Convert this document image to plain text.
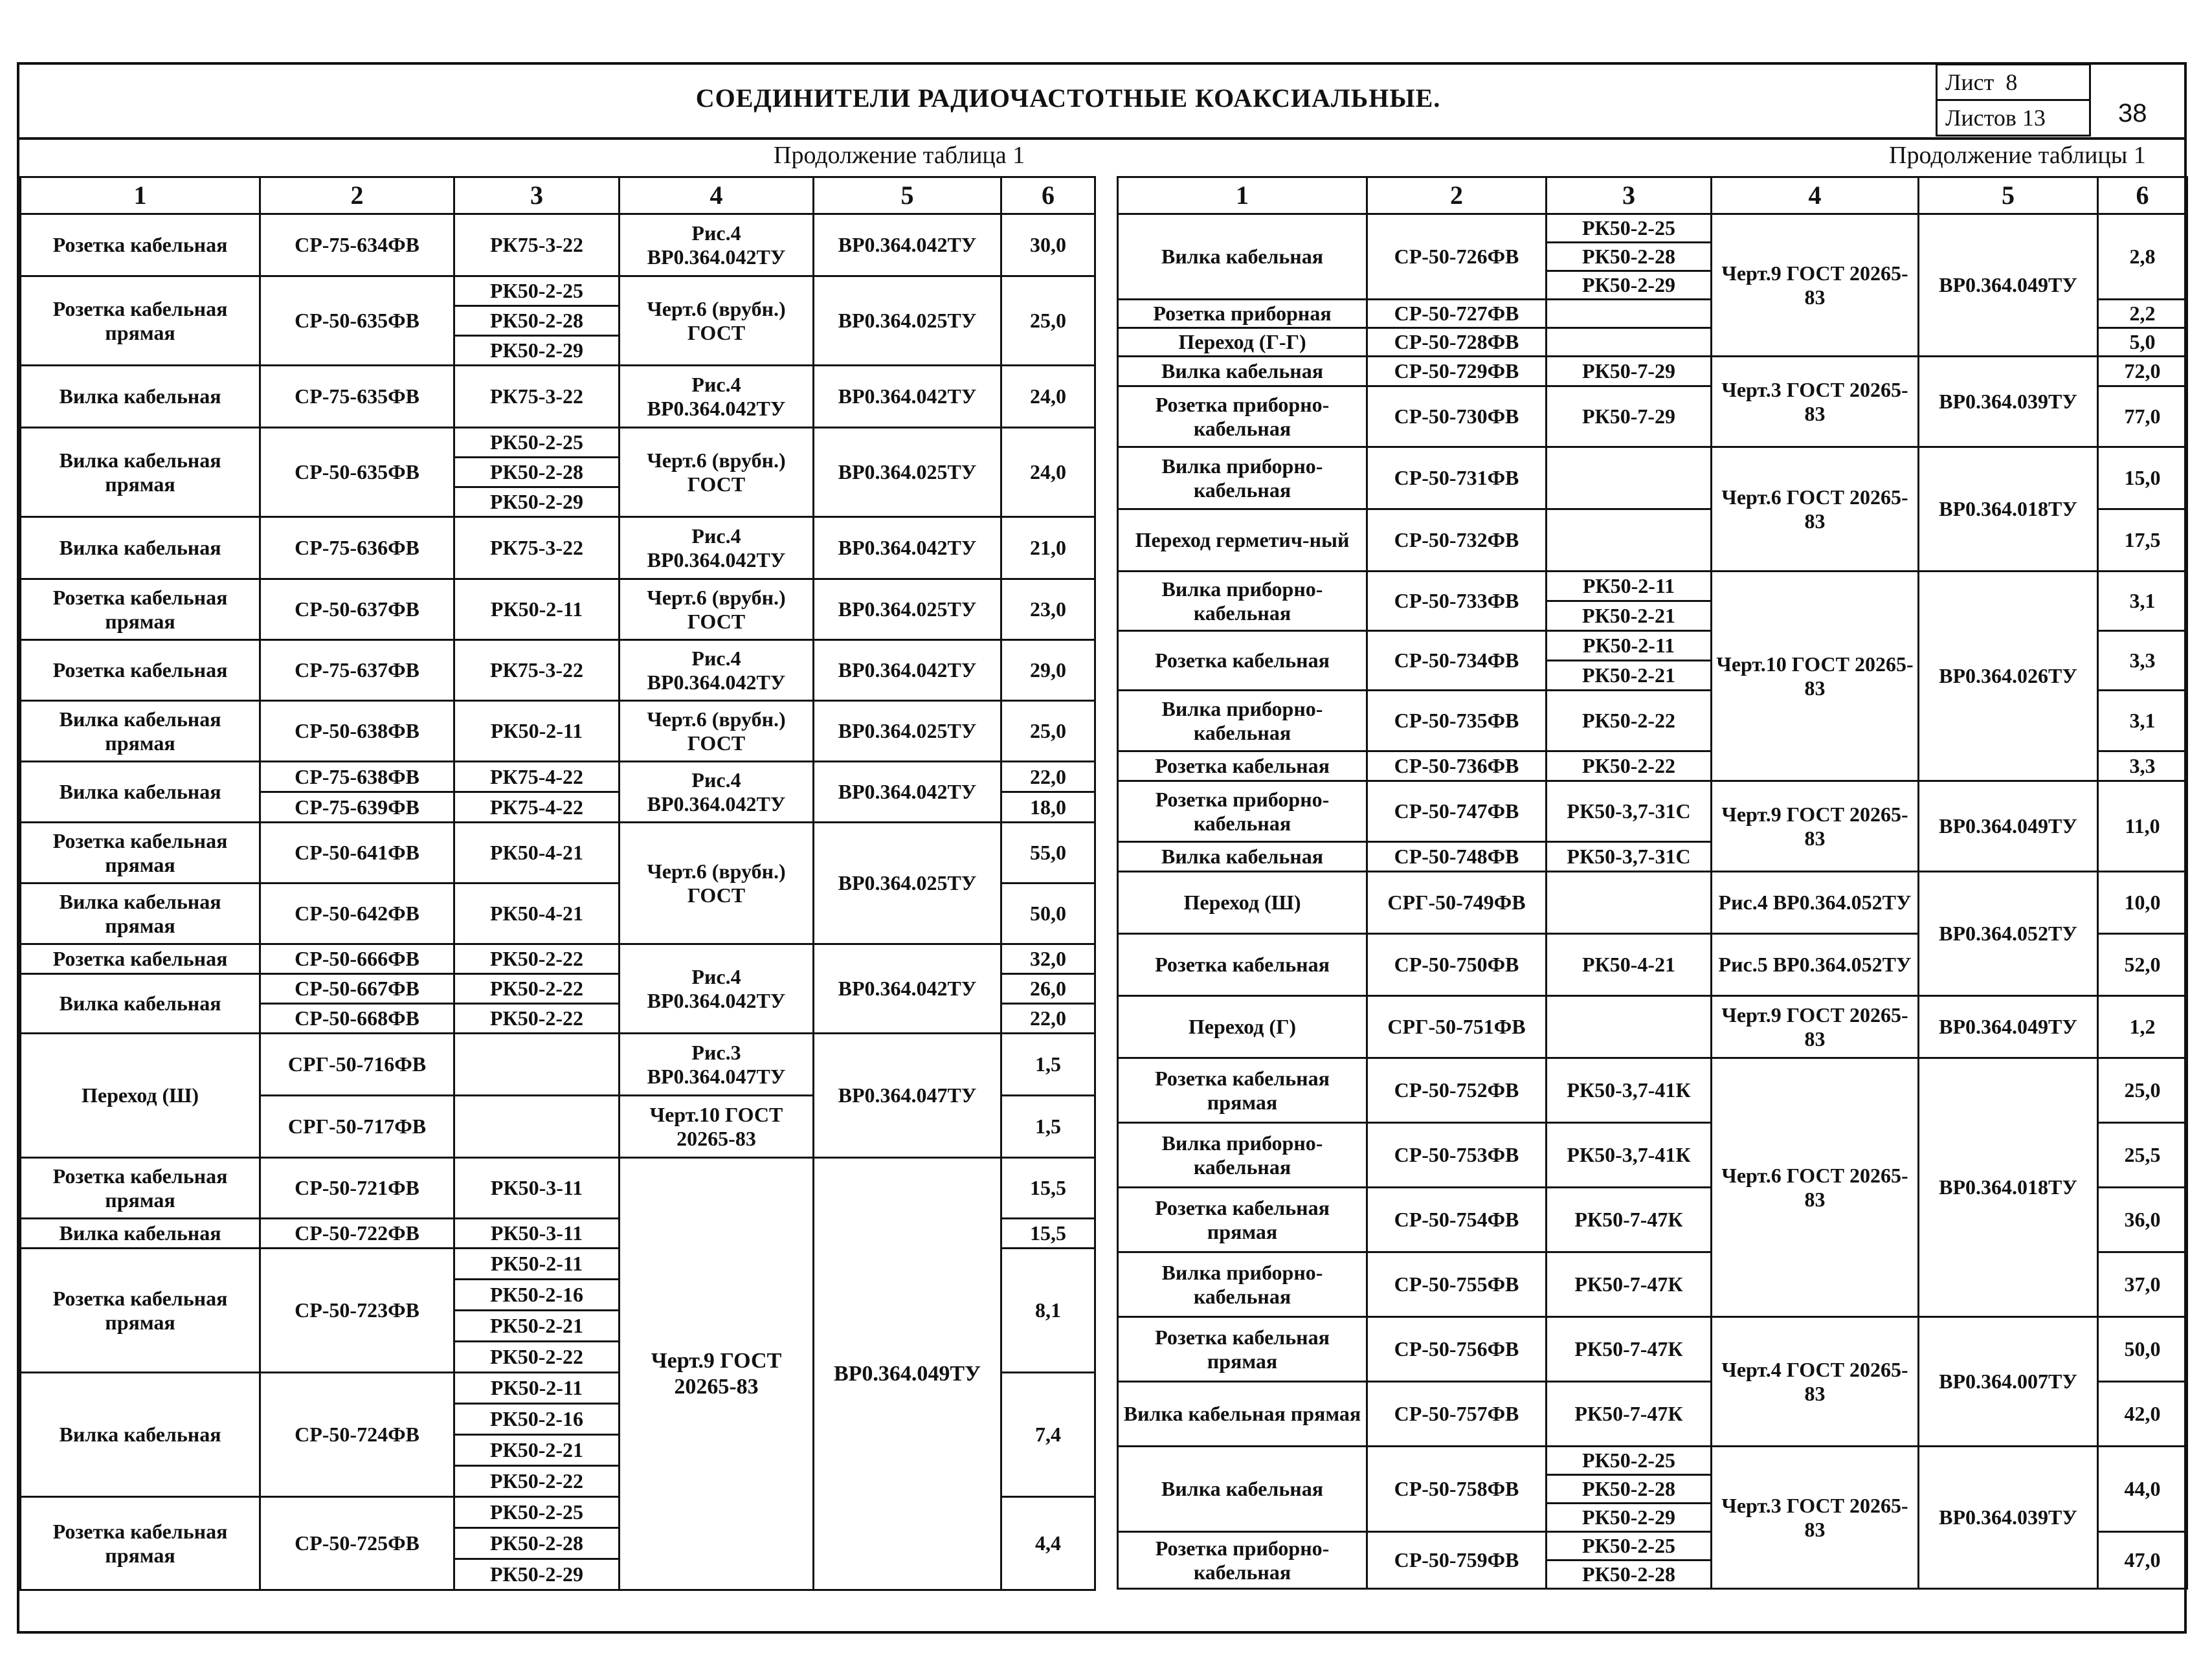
СОЕДИНИТЕЛИ РАДИОЧАСТОТНЫЕ КОАКСИАЛЬНЫЕ.
Лист
8
Листов
13	38
Продолжение таблица 1	Продолжение таблицы 1
1	2	3	4	5	6
Розетка кабельная	СР-75-634ФВ	РК75-3-22	Рис.4 ВР0.364.042ТУ	ВР0.364.042ТУ	30,0
Розетка кабельная прямая	СР-50-635ФВ	РК50-2-25	Черт.6 (врубн.) ГОСТ	ВР0.364.025ТУ	25,0
		РК50-2-28			
		РК50-2-29			
Вилка кабельная	СР-75-635ФВ	РК75-3-22	Рис.4 ВР0.364.042ТУ	ВР0.364.042ТУ	24,0
Вилка кабельная прямая	СР-50-635ФВ	РК50-2-25	Черт.6 (врубн.) ГОСТ	ВР0.364.025ТУ	24,0
		РК50-2-28			
		РК50-2-29			
Вилка кабельная	СР-75-636ФВ	РК75-3-22	Рис.4 ВР0.364.042ТУ	ВР0.364.042ТУ	21,0
Розетка кабельная прямая	СР-50-637ФВ	РК50-2-11	Черт.6 (врубн.) ГОСТ	ВР0.364.025ТУ	23,0
Розетка кабельная	СР-75-637ФВ	РК75-3-22	Рис.4 ВР0.364.042ТУ	ВР0.364.042ТУ	29,0
Вилка кабельная прямая	СР-50-638ФВ	РК50-2-11	Черт.6 (врубн.) ГОСТ	ВР0.364.025ТУ	25,0
Вилка кабельная	СР-75-638ФВ	РК75-4-22	Рис.4 ВР0.364.042ТУ	ВР0.364.042ТУ	22,0
	СР-75-639ФВ	РК75-4-22			18,0
Розетка кабельная прямая	СР-50-641ФВ	РК50-4-21	Черт.6 (врубн.) ГОСТ	ВР0.364.025ТУ	55,0
Вилка кабельная прямая	СР-50-642ФВ	РК50-4-21			50,0
Розетка кабельная	СР-50-666ФВ	РК50-2-22	Рис.4 ВР0.364.042ТУ	ВР0.364.042ТУ	32,0
Вилка кабельная	СР-50-667ФВ	РК50-2-22			26,0
	СР-50-668ФВ	РК50-2-22			22,0
Переход (Ш)	СРГ-50-716ФВ		Рис.3 ВР0.364.047ТУ	ВР0.364.047ТУ	1,5
	СРГ-50-717ФВ		Черт.10 ГОСТ 20265-83		1,5
Розетка кабельная прямая	СР-50-721ФВ	РК50-3-11	Черт.9 ГОСТ 20265-83	ВР0.364.049ТУ	15,5
Вилка кабельная	СР-50-722ФВ	РК50-3-11			15,5
Розетка кабельная прямая	СР-50-723ФВ	РК50-2-11			8,1
		РК50-2-16			
		РК50-2-21			
		РК50-2-22			
Вилка кабельная	СР-50-724ФВ	РК50-2-11			7,4
		РК50-2-16			
		РК50-2-21			
		РК50-2-22			
Розетка кабельная прямая	СР-50-725ФВ	РК50-2-25			4,4
		РК50-2-28			
		РК50-2-29			
1	2	3	4	5	6
Вилка кабельная	СР-50-726ФВ	РК50-2-25	Черт.9 ГОСТ 20265-83	ВР0.364.049ТУ	2,8
		РК50-2-28			
		РК50-2-29			
Розетка приборная	СР-50-727ФВ				2,2
Переход (Г-Г)	СР-50-728ФВ				5,0
Вилка кабельная	СР-50-729ФВ	РК50-7-29	Черт.3 ГОСТ 20265-83	ВР0.364.039ТУ	72,0
Розетка приборно-кабельная	СР-50-730ФВ	РК50-7-29			77,0
Вилка приборно-кабельная	СР-50-731ФВ		Черт.6 ГОСТ 20265-83	ВР0.364.018ТУ	15,0
Переход герметич-ный	СР-50-732ФВ				17,5
Вилка приборно-кабельная	СР-50-733ФВ	РК50-2-11	Черт.10 ГОСТ 20265-83	ВР0.364.026ТУ	3,1
		РК50-2-21			
Розетка кабельная	СР-50-734ФВ	РК50-2-11			3,3
		РК50-2-21			
Вилка приборно-кабельная	СР-50-735ФВ	РК50-2-22			3,1
Розетка кабельная	СР-50-736ФВ	РК50-2-22			3,3
Розетка приборно-кабельная	СР-50-747ФВ	РК50-3,7-31С	Черт.9 ГОСТ 20265-83	ВР0.364.049ТУ	11,0
Вилка кабельная	СР-50-748ФВ	РК50-3,7-31С			
Переход (Ш)	СРГ-50-749ФВ		Рис.4 ВР0.364.052ТУ	ВР0.364.052ТУ	10,0
Розетка кабельная	СР-50-750ФВ	РК50-4-21	Рис.5 ВР0.364.052ТУ		52,0
Переход (Г)	СРГ-50-751ФВ		Черт.9 ГОСТ 20265-83	ВР0.364.049ТУ	1,2
Розетка кабельная прямая	СР-50-752ФВ	РК50-3,7-41К	Черт.6 ГОСТ 20265-83	ВР0.364.018ТУ	25,0
Вилка приборно-кабельная	СР-50-753ФВ	РК50-3,7-41К			25,5
Розетка кабельная прямая	СР-50-754ФВ	РК50-7-47К			36,0
Вилка приборно-кабельная	СР-50-755ФВ	РК50-7-47К			37,0
Розетка кабельная прямая	СР-50-756ФВ	РК50-7-47К	Черт.4 ГОСТ 20265-83	ВР0.364.007ТУ	50,0
Вилка кабельная прямая	СР-50-757ФВ	РК50-7-47К			42,0
Вилка кабельная	СР-50-758ФВ	РК50-2-25	Черт.3 ГОСТ 20265-83	ВР0.364.039ТУ	44,0
		РК50-2-28			
		РК50-2-29			
Розетка приборно-кабельная	СР-50-759ФВ	РК50-2-25			47,0
		РК50-2-28			
